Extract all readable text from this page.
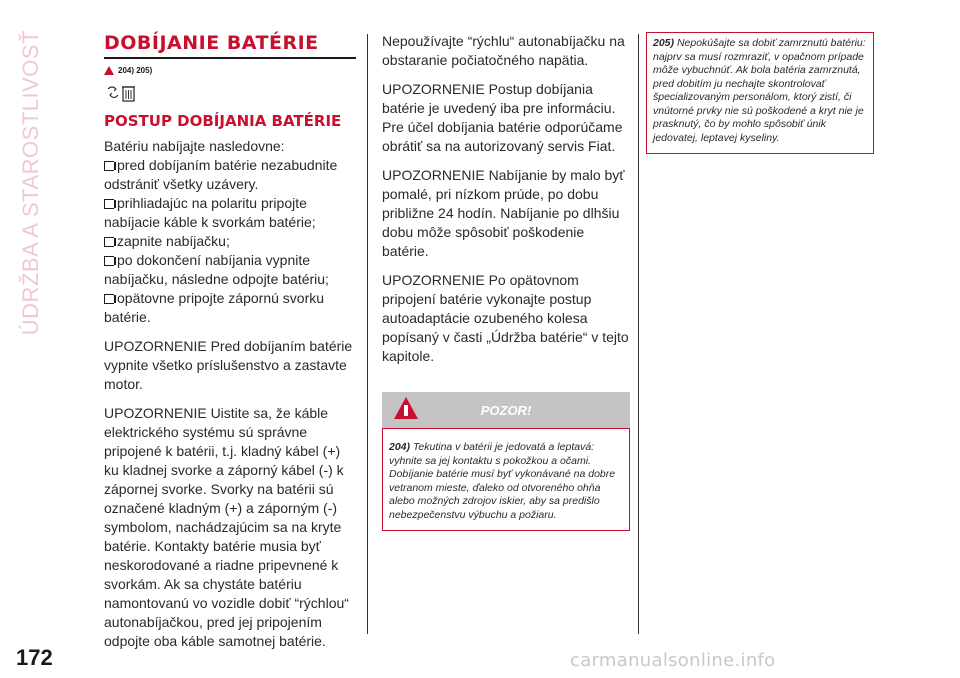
ÚDRŽBA A STAROSTLIVOSŤ	DOBÍJANIE BATÉRIE
204) 205)
POSTUP DOBÍJANIA BATÉRIE
Batériu nabíjajte nasledovne:
pred dobíjaním batérie nezabudnite odstrániť všetky uzávery.
prihliadajúc na polaritu pripojte nabíjacie káble k svorkám batérie;
zapnite nabíjačku;
po dokončení nabíjania vypnite nabíjačku, následne odpojte batériu;
opätovne pripojte zápornú svorku batérie.
UPOZORNENIE Pred dobíjaním batérie vypnite všetko príslušenstvo a zastavte motor.
UPOZORNENIE Uistite sa, že káble elektrického systému sú správne pripojené k batérii, t.j. kladný kábel (+) ku kladnej svorke a záporný kábel (-) k zápornej svorke. Svorky na batérii sú označené kladným (+) a záporným (-) symbolom, nachádzajúcim sa na kryte batérie. Kontakty batérie musia byť neskorodované a riadne pripevnené k svorkám. Ak sa chystáte batériu namontovanú vo vozidle dobiť “rýchlou“ autonabíjačkou, pred jej pripojením odpojte oba káble samotnej batérie.
Nepoužívajte “rýchlu“ autonabíjačku na obstaranie počiatočného napätia.
UPOZORNENIE Postup dobíjania batérie je uvedený iba pre informáciu. Pre účel dobíjania batérie odporúčame obrátiť sa na autorizovaný servis Fiat.
UPOZORNENIE Nabíjanie by malo byť pomalé, pri nízkom prúde, po dobu približne 24 hodín. Nabíjanie po dlhšiu dobu môže spôsobiť poškodenie batérie.
UPOZORNENIE Po opätovnom pripojení batérie vykonajte postup autoadaptácie ozubeného kolesa popísaný v časti „Údržba batérie“ v tejto kapitole.
POZOR!
204) Tekutina v batérii je jedovatá a leptavá: vyhnite sa jej kontaktu s pokožkou a očami. Dobíjanie batérie musí byť vykonávané na dobre vetranom mieste, ďaleko od otvoreného ohňa alebo možných zdrojov iskier, aby sa predišlo nebezpečenstvu výbuchu a požiaru.
205) Nepokúšajte sa dobiť zamrznutú batériu: najprv sa musí rozmraziť, v opačnom prípade môže vybuchnúť. Ak bola batéria zamrznutá, pred dobitím ju nechajte skontrolovať špecializovaným personálom, ktorý zistí, či vnútorné prvky nie sú poškodené a kryt nie je prasknutý, čo by mohlo spôsobiť únik jedovatej, leptavej kyseliny.
172	carmanualsonline.info
